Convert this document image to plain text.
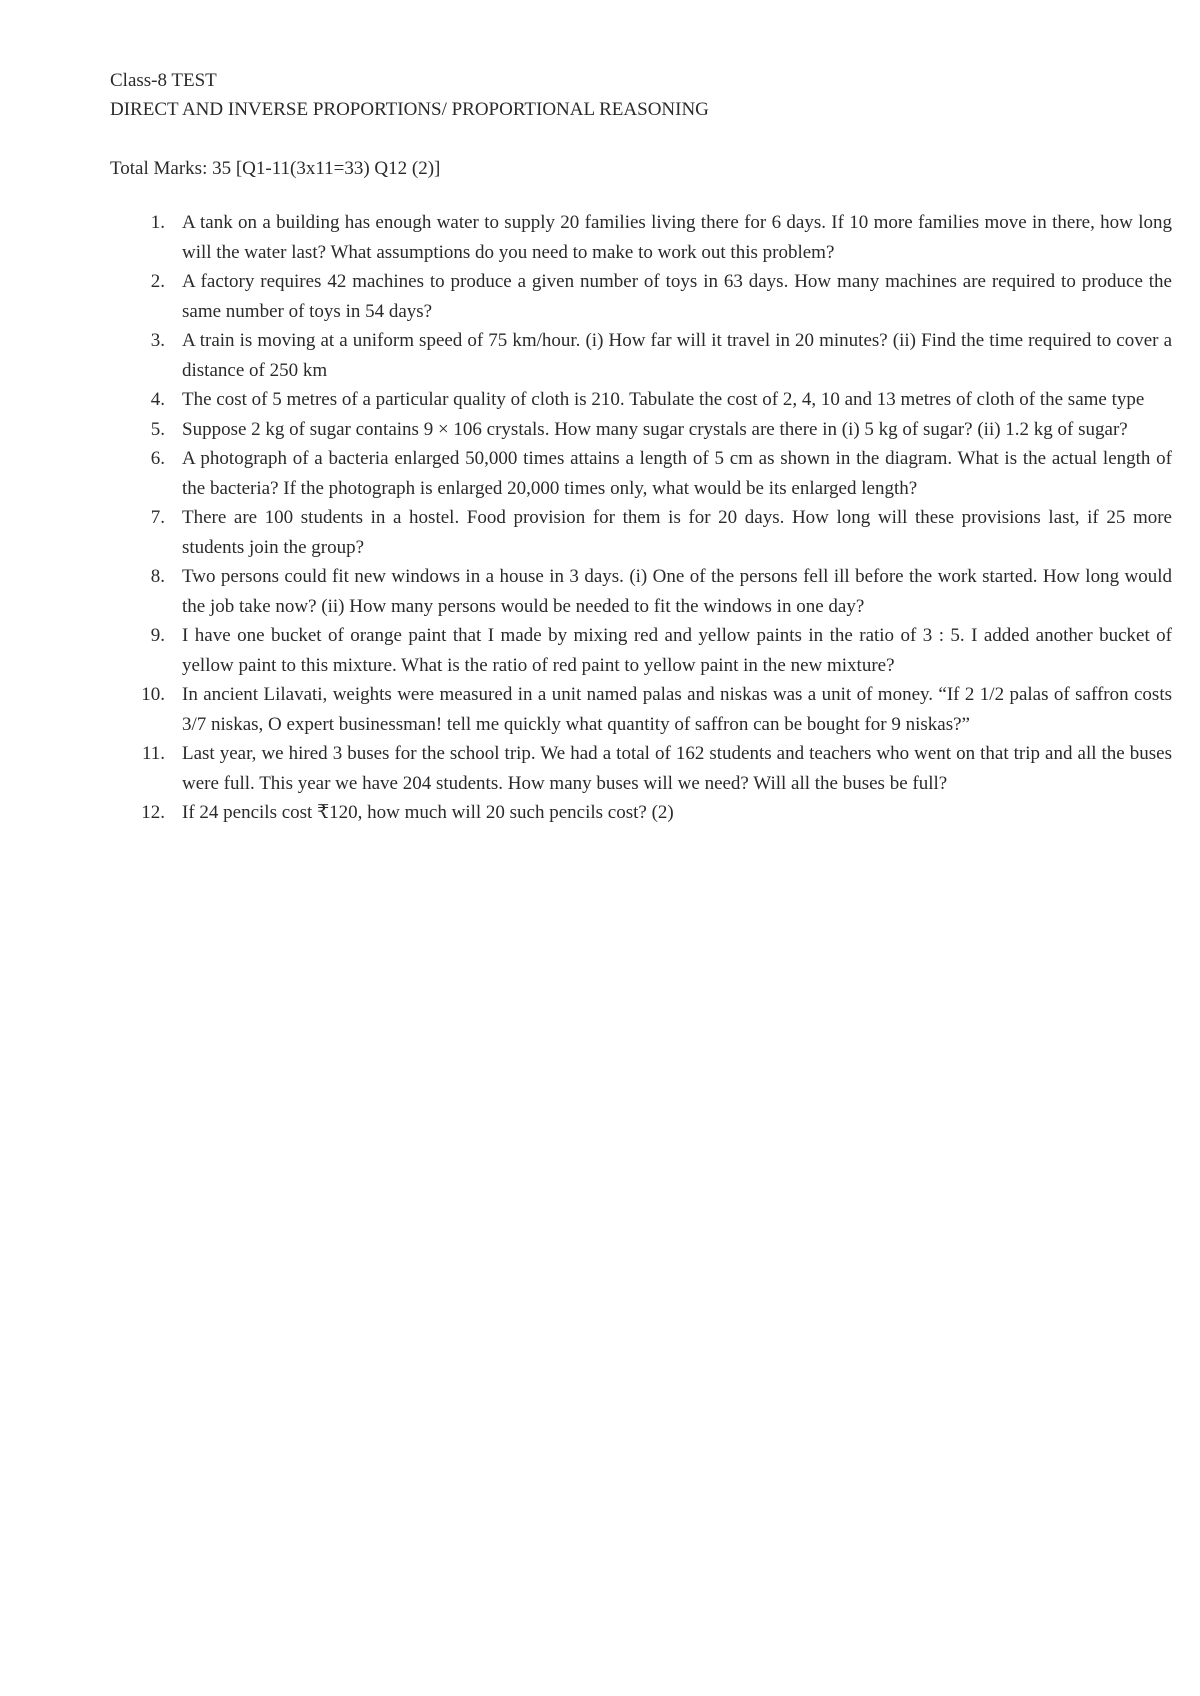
Class-8 TEST
DIRECT AND INVERSE PROPORTIONS/ PROPORTIONAL REASONING
Total Marks: 35 [Q1-11(3x11=33) Q12 (2)]
1. A tank on a building has enough water to supply 20 families living there for 6 days. If 10 more families move in there, how long will the water last? What assumptions do you need to make to work out this problem?
2. A factory requires 42 machines to produce a given number of toys in 63 days. How many machines are required to produce the same number of toys in 54 days?
3. A train is moving at a uniform speed of 75 km/hour. (i) How far will it travel in 20 minutes? (ii) Find the time required to cover a distance of 250 km
4. The cost of 5 metres of a particular quality of cloth is 210. Tabulate the cost of 2, 4, 10 and 13 metres of cloth of the same type
5. Suppose 2 kg of sugar contains 9 × 106 crystals. How many sugar crystals are there in (i) 5 kg of sugar? (ii) 1.2 kg of sugar?
6. A photograph of a bacteria enlarged 50,000 times attains a length of 5 cm as shown in the diagram. What is the actual length of the bacteria? If the photograph is enlarged 20,000 times only, what would be its enlarged length?
7. There are 100 students in a hostel. Food provision for them is for 20 days. How long will these provisions last, if 25 more students join the group?
8. Two persons could fit new windows in a house in 3 days. (i) One of the persons fell ill before the work started. How long would the job take now? (ii) How many persons would be needed to fit the windows in one day?
9. I have one bucket of orange paint that I made by mixing red and yellow paints in the ratio of 3 : 5. I added another bucket of yellow paint to this mixture. What is the ratio of red paint to yellow paint in the new mixture?
10. In ancient Lilavati, weights were measured in a unit named palas and niskas was a unit of money. “If 2 1/2 palas of saffron costs 3/7 niskas, O expert businessman! tell me quickly what quantity of saffron can be bought for 9 niskas?”
11. Last year, we hired 3 buses for the school trip. We had a total of 162 students and teachers who went on that trip and all the buses were full. This year we have 204 students. How many buses will we need? Will all the buses be full?
12. If 24 pencils cost ₹120, how much will 20 such pencils cost? (2)
